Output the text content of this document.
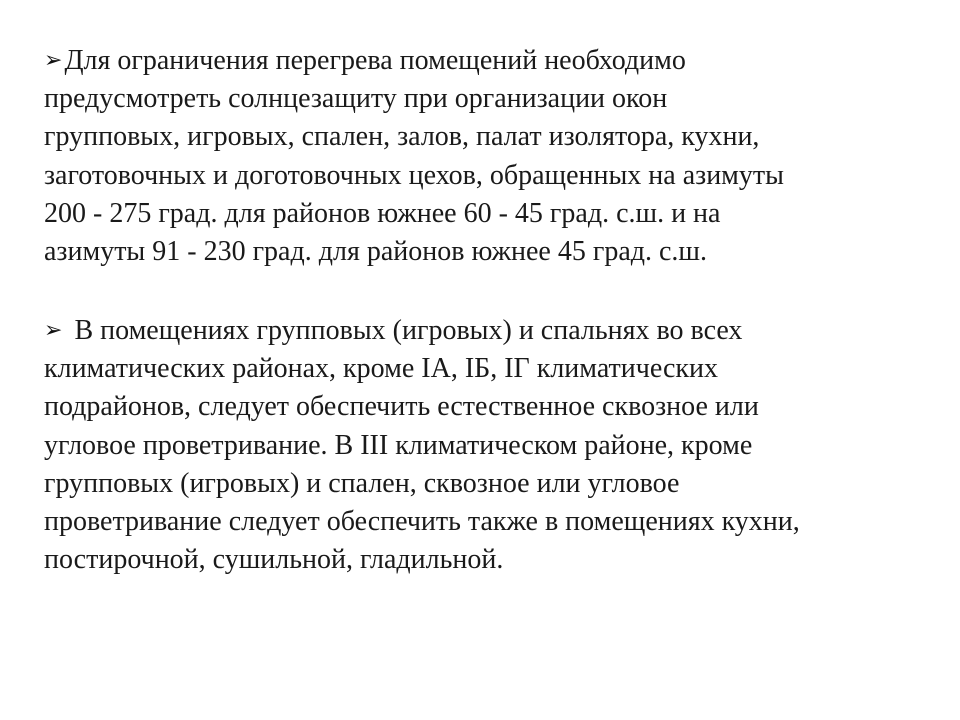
➢Для ограничения перегрева помещений необходимо
предусмотреть солнцезащиту при организации окон
групповых, игровых, спален, залов, палат изолятора, кухни,
заготовочных и доготовочных цехов, обращенных на азимуты
200 - 275 град. для районов южнее 60 - 45 град. с.ш. и на
азимуты 91 - 230 град. для районов южнее 45 град. с.ш.
➢ В помещениях групповых (игровых) и спальнях во всех
климатических районах, кроме IA, IБ, IГ климатических
подрайонов, следует обеспечить естественное сквозное или
угловое проветривание. В III климатическом районе, кроме
групповых (игровых) и спален, сквозное или угловое
проветривание следует обеспечить также в помещениях кухни,
постирочной, сушильной, гладильной.
